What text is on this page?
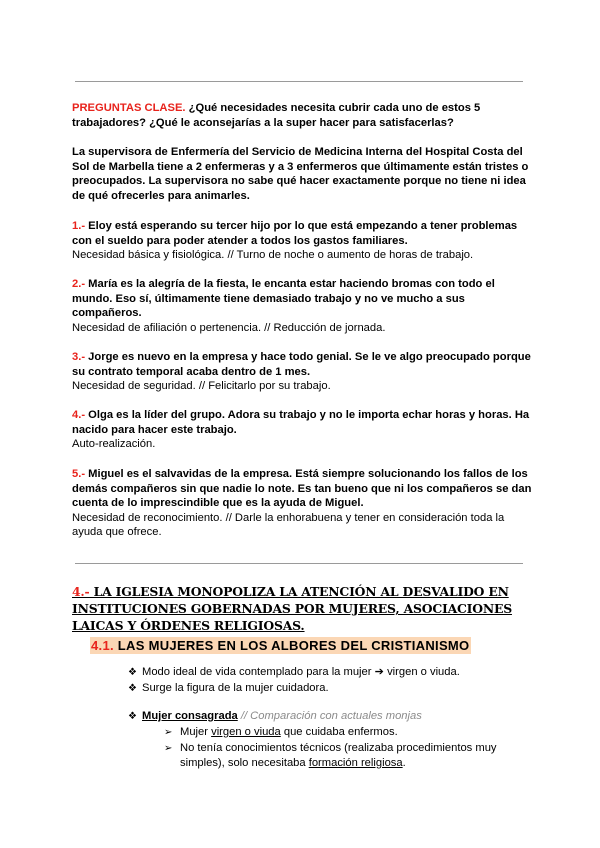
PREGUNTAS CLASE. ¿Qué necesidades necesita cubrir cada uno de estos 5 trabajadores? ¿Qué le aconsejarías a la super hacer para satisfacerlas?
La supervisora de Enfermería del Servicio de Medicina Interna del Hospital Costa del Sol de Marbella tiene a 2 enfermeras y a 3 enfermeros que últimamente están tristes o preocupados. La supervisora no sabe qué hacer exactamente porque no tiene ni idea de qué ofrecerles para animarles.
1.- Eloy está esperando su tercer hijo por lo que está empezando a tener problemas con el sueldo para poder atender a todos los gastos familiares.
Necesidad básica y fisiológica. // Turno de noche o aumento de horas de trabajo.
2.- María es la alegría de la fiesta, le encanta estar haciendo bromas con todo el mundo. Eso sí, últimamente tiene demasiado trabajo y no ve mucho a sus compañeros.
Necesidad de afiliación o pertenencia. // Reducción de jornada.
3.- Jorge es nuevo en la empresa y hace todo genial. Se le ve algo preocupado porque su contrato temporal acaba dentro de 1 mes.
Necesidad de seguridad. // Felicitarlo por su trabajo.
4.- Olga es la líder del grupo. Adora su trabajo y no le importa echar horas y horas. Ha nacido para hacer este trabajo.
Auto-realización.
5.- Miguel es el salvavidas de la empresa. Está siempre solucionando los fallos de los demás compañeros sin que nadie lo note. Es tan bueno que ni los compañeros se dan cuenta de lo imprescindible que es la ayuda de Miguel.
Necesidad de reconocimiento. // Darle la enhorabuena y tener en consideración toda la ayuda que ofrece.
4.- LA IGLESIA MONOPOLIZA LA ATENCIÓN AL DESVALIDO EN INSTITUCIONES GOBERNADAS POR MUJERES, ASOCIACIONES LAICAS Y ÓRDENES RELIGIOSAS.
4.1. LAS MUJERES EN LOS ALBORES DEL CRISTIANISMO
❖ Modo ideal de vida contemplado para la mujer ➔ virgen o viuda.
❖ Surge la figura de la mujer cuidadora.
❖ Mujer consagrada // Comparación con actuales monjas
➢ Mujer virgen o viuda que cuidaba enfermos.
➢ No tenía conocimientos técnicos (realizaba procedimientos muy simples), solo necesitaba formación religiosa.
